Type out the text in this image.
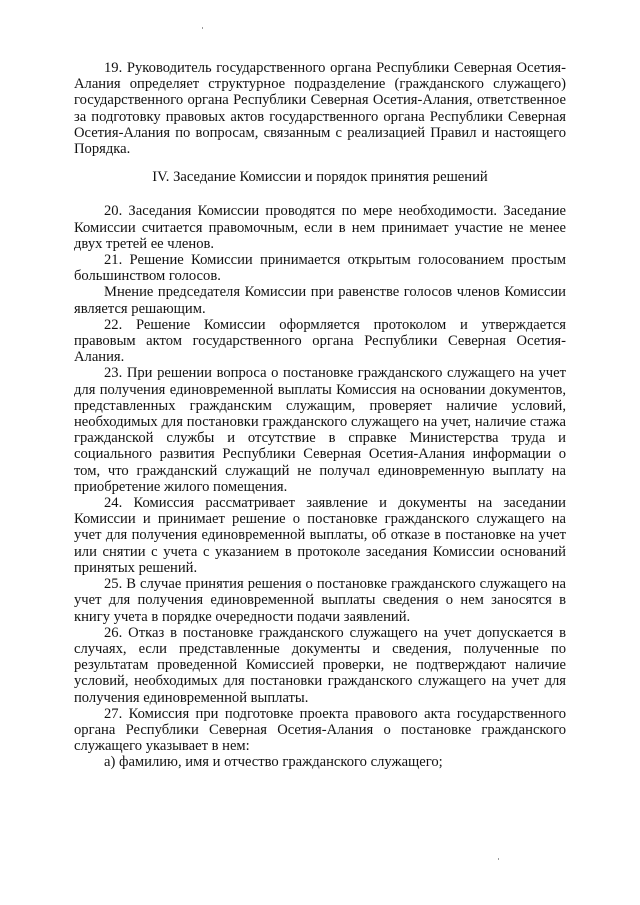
19. Руководитель государственного органа Республики Северная Осетия-Алания определяет структурное подразделение (гражданского служащего) государственного органа Республики Северная Осетия-Алания, ответственное за подготовку правовых актов государственного органа Республики Северная Осетия-Алания по вопросам, связанным с реализацией Правил и настоящего Порядка.

IV. Заседание Комиссии и порядок принятия решений

20. Заседания Комиссии проводятся по мере необходимости. Заседание Комиссии считается правомочным, если в нем принимает участие не менее двух третей ее членов.

21. Решение Комиссии принимается открытым голосованием простым большинством голосов.

Мнение председателя Комиссии при равенстве голосов членов Комиссии является решающим.

22. Решение Комиссии оформляется протоколом и утверждается правовым актом государственного органа Республики Северная Осетия-Алания.

23. При решении вопроса о постановке гражданского служащего на учет для получения единовременной выплаты Комиссия на основании документов, представленных гражданским служащим, проверяет наличие условий, необходимых для постановки гражданского служащего на учет, наличие стажа гражданской службы и отсутствие в справке Министерства труда и социального развития Республики Северная Осетия-Алания информации о том, что гражданский служащий не получал единовременную выплату на приобретение жилого помещения.

24. Комиссия рассматривает заявление и документы на заседании Комиссии и принимает решение о постановке гражданского служащего на учет для получения единовременной выплаты, об отказе в постановке на учет или снятии с учета с указанием в протоколе заседания Комиссии оснований принятых решений.

25. В случае принятия решения о постановке гражданского служащего на учет для получения единовременной выплаты сведения о нем заносятся в книгу учета в порядке очередности подачи заявлений.

26. Отказ в постановке гражданского служащего на учет допускается в случаях, если представленные документы и сведения, полученные по результатам проведенной Комиссией проверки, не подтверждают наличие условий, необходимых для постановки гражданского служащего на учет для получения единовременной выплаты.

27. Комиссия при подготовке проекта правового акта государственного органа Республики Северная Осетия-Алания о постановке гражданского служащего указывает в нем:

а) фамилию, имя и отчество гражданского служащего;
